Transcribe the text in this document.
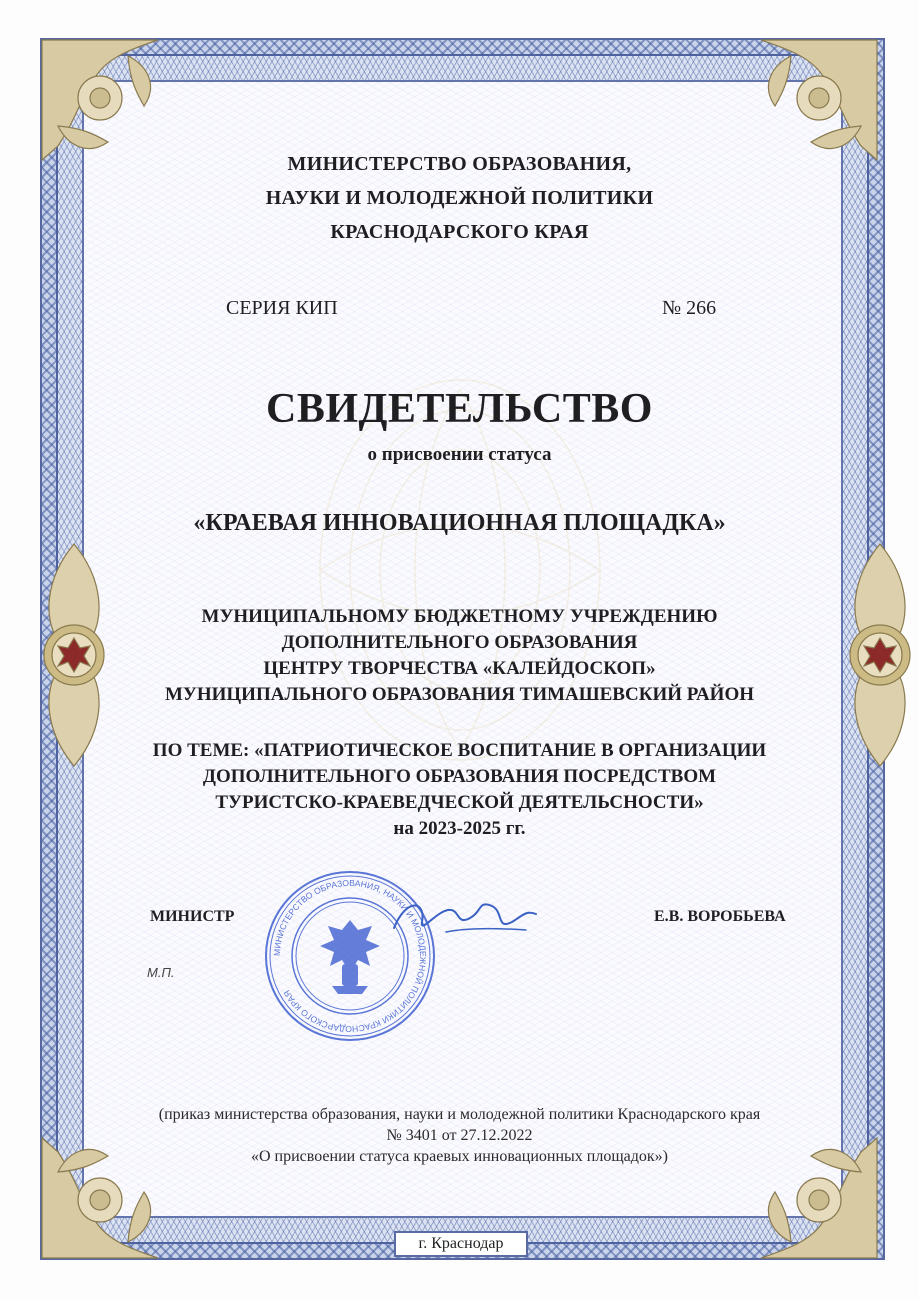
МИНИСТЕРСТВО ОБРАЗОВАНИЯ,
НАУКИ И МОЛОДЕЖНОЙ ПОЛИТИКИ
КРАСНОДАРСКОГО КРАЯ
СЕРИЯ КИП	№ 266
СВИДЕТЕЛЬСТВО
о присвоении статуса
«КРАЕВАЯ ИННОВАЦИОННАЯ ПЛОЩАДКА»
МУНИЦИПАЛЬНОМУ БЮДЖЕТНОМУ УЧРЕЖДЕНИЮ
ДОПОЛНИТЕЛЬНОГО ОБРАЗОВАНИЯ
ЦЕНТРУ ТВОРЧЕСТВА «КАЛЕЙДОСКОП»
МУНИЦИПАЛЬНОГО ОБРАЗОВАНИЯ ТИМАШЕВСКИЙ РАЙОН
ПО ТЕМЕ: «ПАТРИОТИЧЕСКОЕ ВОСПИТАНИЕ В ОРГАНИЗАЦИИ
ДОПОЛНИТЕЛЬНОГО ОБРАЗОВАНИЯ ПОСРЕДСТВОМ
ТУРИСТСКО-КРАЕВЕДЧЕСКОЙ ДЕЯТЕЛЬСНОСТИ»
на 2023-2025 гг.
МИНИСТЕРСТВО ОБРАЗОВАНИЯ, НАУКИ И МОЛОДЕЖНОЙ ПОЛИТИКИ КРАСНОДАРСКОГО КРАЯ
МИНИСТР	Е.В. ВОРОБЬЕВА
М.П.
(приказ министерства образования, науки и молодежной политики Краснодарского края
№ 3401 от 27.12.2022
«О присвоении статуса краевых инновационных площадок»)
г. Краснодар
